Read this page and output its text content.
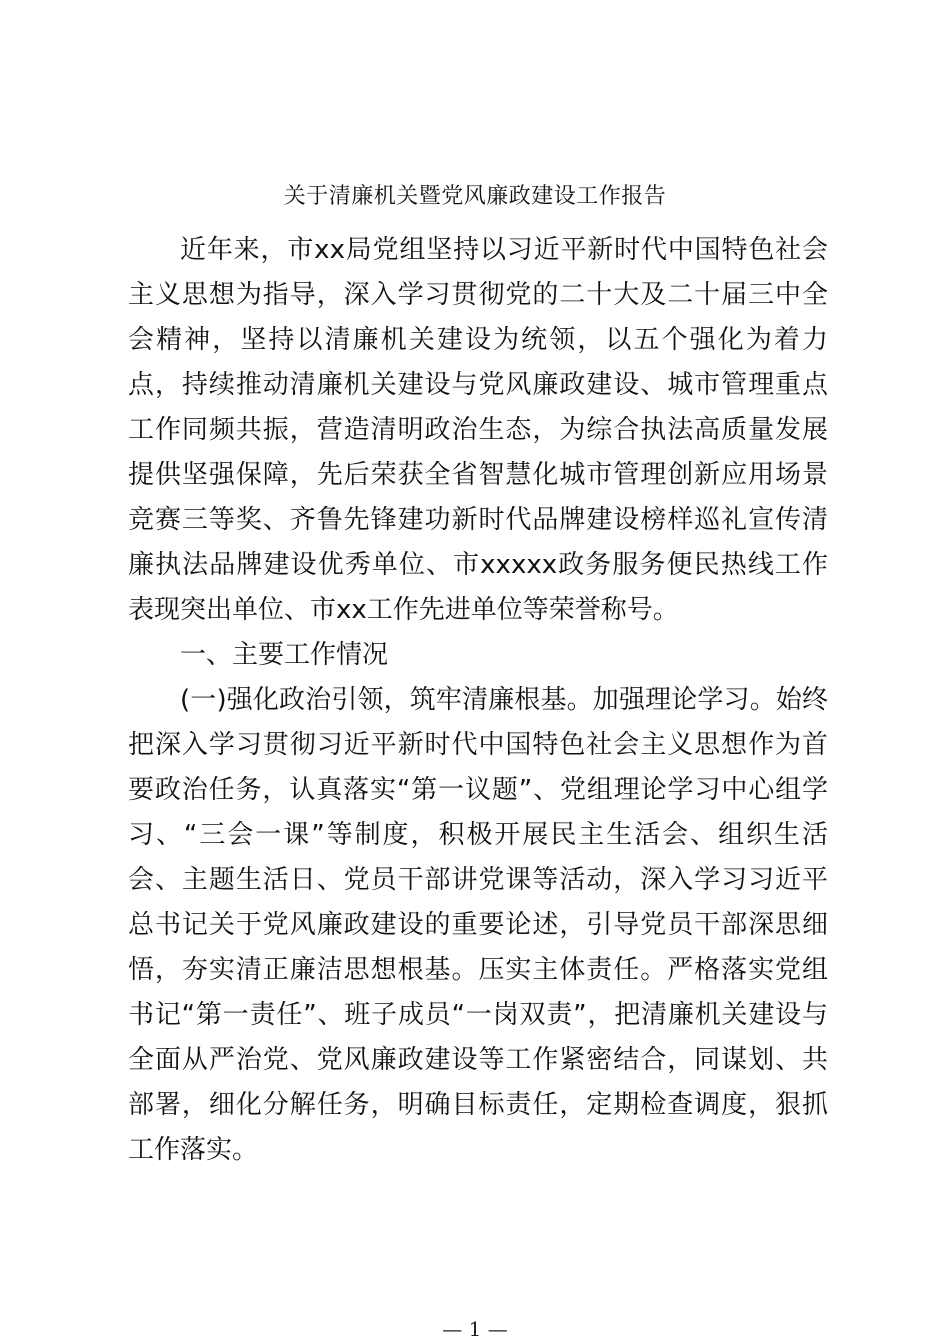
关于清廉机关暨党风廉政建设工作报告

近年来，市xx局党组坚持以习近平新时代中国特色社会主义思想为指导，深入学习贯彻党的二十大及二十届三中全会精神，坚持以清廉机关建设为统领，以五个强化为着力点，持续推动清廉机关建设与党风廉政建设、城市管理重点工作同频共振，营造清明政治生态，为综合执法高质量发展提供坚强保障，先后荣获全省智慧化城市管理创新应用场景竞赛三等奖、齐鲁先锋建功新时代品牌建设榜样巡礼宣传清廉执法品牌建设优秀单位、市xxxxx政务服务便民热线工作表现突出单位、市xx工作先进单位等荣誉称号。

一、主要工作情况

(一)强化政治引领，筑牢清廉根基。加强理论学习。始终把深入学习贯彻习近平新时代中国特色社会主义思想作为首要政治任务，认真落实“第一议题”、党组理论学习中心组学习、“三会一课”等制度，积极开展民主生活会、组织生活会、主题生活日、党员干部讲党课等活动，深入学习习近平总书记关于党风廉政建设的重要论述，引导党员干部深思细悟，夯实清正廉洁思想根基。压实主体责任。严格落实党组书记“第一责任”、班子成员“一岗双责”，把清廉机关建设与全面从严治党、党风廉政建设等工作紧密结合，同谋划、共部署，细化分解任务，明确目标责任，定期检查调度，狠抓工作落实。

— 1 —
